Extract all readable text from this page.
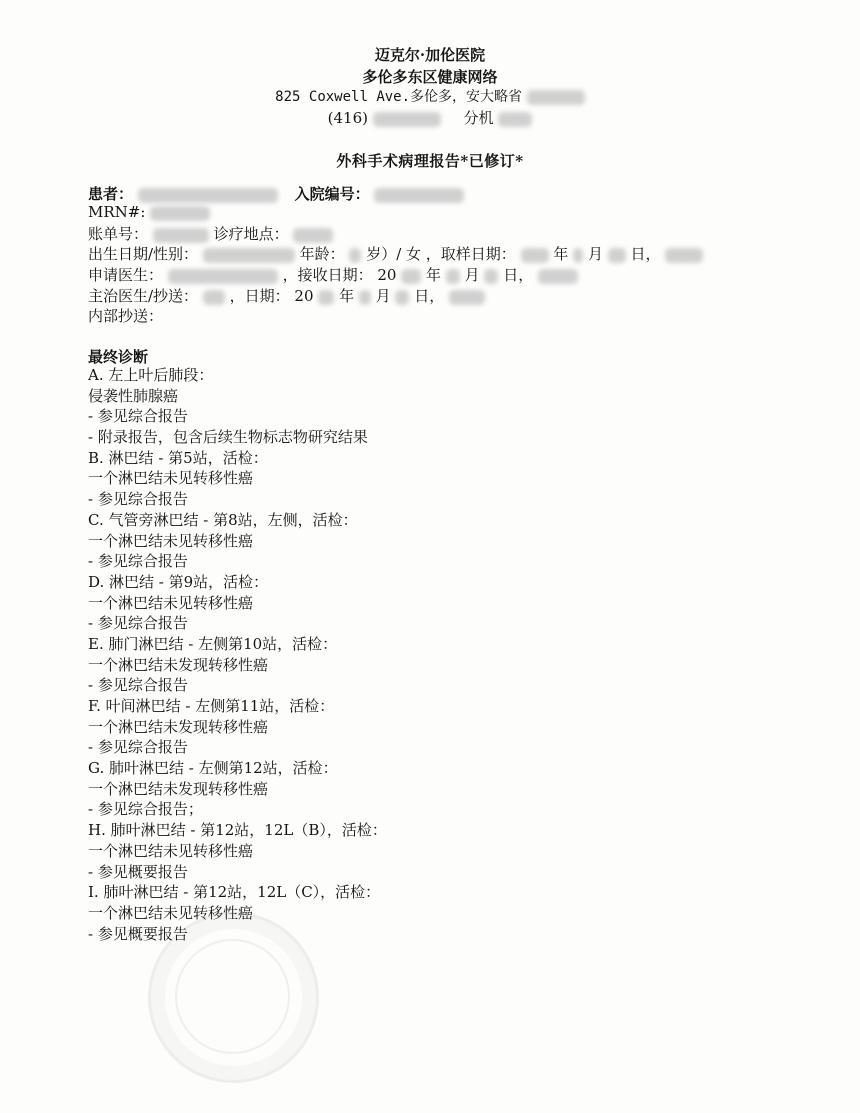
迈克尔·加伦医院
多伦多东区健康网络
825 Coxwell Ave.多伦多，安大略省
(416)	分机
外科手术病理报告*已修订*
患者：	入院编号：
MRN#:
账单号：	诊疗地点：
出生日期/性别：	年龄： 岁）/ 女 ，取样日期：	年 月 日，
申请医生：	，接收日期： 20 年 月 日，
主治医生/抄送： ，日期： 20 年 月 日，
内部抄送：
最终诊断
A. 左上叶后肺段：
侵袭性肺腺癌
- 参见综合报告
- 附录报告，包含后续生物标志物研究结果
B. 淋巴结 - 第5站，活检：
一个淋巴结未见转移性癌
- 参见综合报告
C. 气管旁淋巴结 - 第8站，左侧，活检：
一个淋巴结未见转移性癌
- 参见综合报告
D. 淋巴结 - 第9站，活检：
一个淋巴结未见转移性癌
- 参见综合报告
E. 肺门淋巴结 - 左侧第10站，活检：
一个淋巴结未发现转移性癌
- 参见综合报告
F. 叶间淋巴结 - 左侧第11站，活检：
一个淋巴结未发现转移性癌
- 参见综合报告
G. 肺叶淋巴结 - 左侧第12站，活检：
一个淋巴结未发现转移性癌
- 参见综合报告；
H. 肺叶淋巴结 - 第12站，12L（B），活检：
一个淋巴结未见转移性癌
- 参见概要报告
I. 肺叶淋巴结 - 第12站，12L（C），活检：
一个淋巴结未见转移性癌
- 参见概要报告
